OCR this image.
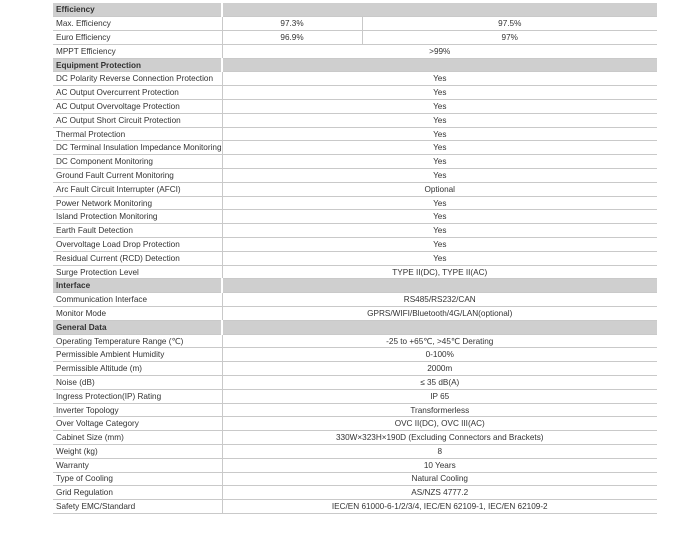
Efficiency		
Max. Efficiency	97.3%	97.5%
Euro Efficiency	96.9%	97%
MPPT Efficiency	>99%	
Equipment Protection		
DC Polarity Reverse Connection Protection	Yes	
AC Output Overcurrent Protection	Yes	
AC Output Overvoltage Protection	Yes	
AC Output Short Circuit Protection	Yes	
Thermal Protection	Yes	
DC Terminal Insulation Impedance Monitoring	Yes	
DC Component Monitoring	Yes	
Ground Fault Current Monitoring	Yes	
Arc Fault Circuit Interrupter (AFCI)	Optional	
Power Network Monitoring	Yes	
Island Protection Monitoring	Yes	
Earth Fault Detection	Yes	
Overvoltage Load Drop Protection	Yes	
Residual Current (RCD) Detection	Yes	
Surge Protection Level	TYPE II(DC), TYPE II(AC)	
Interface		
Communication Interface	RS485/RS232/CAN	
Monitor Mode	GPRS/WIFI/Bluetooth/4G/LAN(optional)	
General Data		
Operating Temperature Range (℃)	-25 to +65℃, >45℃ Derating	
Permissible Ambient Humidity	0-100%	
Permissible Altitude (m)	2000m	
Noise (dB)	≤ 35 dB(A)	
Ingress Protection(IP) Rating	IP 65	
Inverter Topology	Transformerless	
Over Voltage Category	OVC II(DC), OVC III(AC)	
Cabinet Size (mm)	330W×323H×190D (Excluding Connectors and Brackets)	
Weight (kg)	8	
Warranty	10 Years	
Type of Cooling	Natural Cooling	
Grid Regulation	AS/NZS 4777.2	
Safety EMC/Standard	IEC/EN 61000-6-1/2/3/4, IEC/EN 62109-1, IEC/EN 62109-2	
